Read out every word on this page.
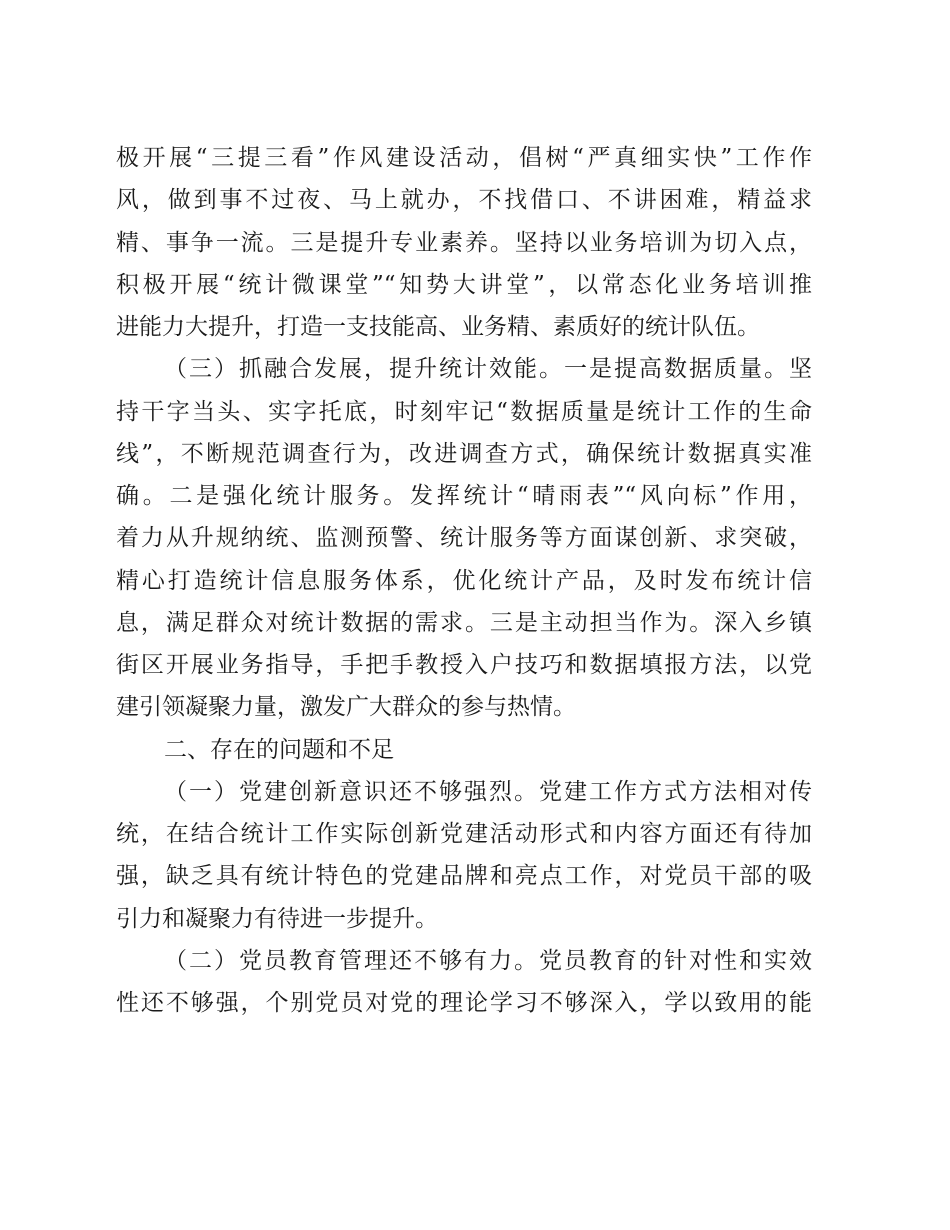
极开展“三提三看”作风建设活动，倡树“严真细实快”工作作
风，做到事不过夜、马上就办，不找借口、不讲困难，精益求
精、事争一流。三是提升专业素养。坚持以业务培训为切入点，
积极开展“统计微课堂”“知势大讲堂”，以常态化业务培训推
进能力大提升，打造一支技能高、业务精、素质好的统计队伍。
（三）抓融合发展，提升统计效能。一是提高数据质量。坚
持干字当头、实字托底，时刻牢记“数据质量是统计工作的生命
线”，不断规范调查行为，改进调查方式，确保统计数据真实准
确。二是强化统计服务。发挥统计“晴雨表”“风向标”作用，
着力从升规纳统、监测预警、统计服务等方面谋创新、求突破，
精心打造统计信息服务体系，优化统计产品，及时发布统计信
息，满足群众对统计数据的需求。三是主动担当作为。深入乡镇
街区开展业务指导，手把手教授入户技巧和数据填报方法，以党
建引领凝聚力量，激发广大群众的参与热情。
二、存在的问题和不足
（一）党建创新意识还不够强烈。党建工作方式方法相对传
统，在结合统计工作实际创新党建活动形式和内容方面还有待加
强，缺乏具有统计特色的党建品牌和亮点工作，对党员干部的吸
引力和凝聚力有待进一步提升。
（二）党员教育管理还不够有力。党员教育的针对性和实效
性还不够强，个别党员对党的理论学习不够深入，学以致用的能
